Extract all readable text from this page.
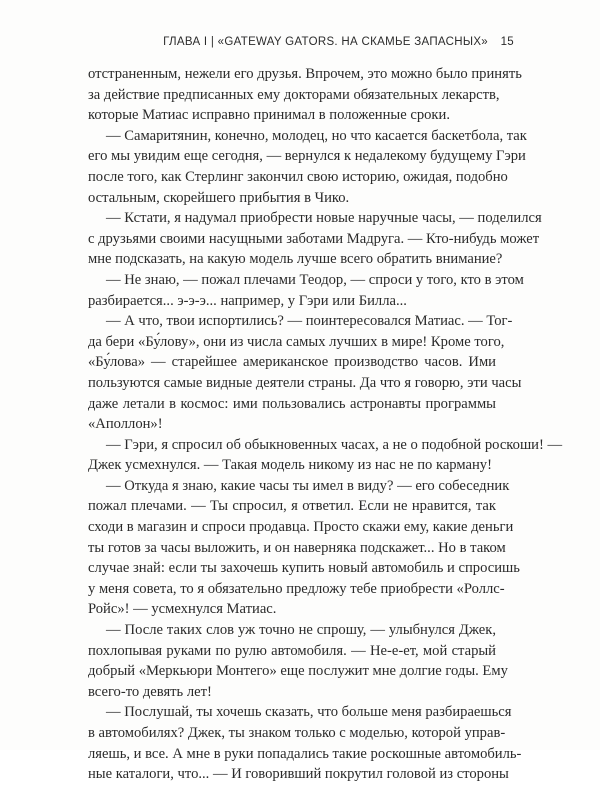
ГЛАВА I | «GATEWAY GATORS. НА СКАМЬЕ ЗАПАСНЫХ» 15
отстраненным, нежели его друзья. Впрочем, это можно было принять
за действие предписанных ему докторами обязательных лекарств,
которые Матиас исправно принимал в положенные сроки.
— Самаритянин, конечно, молодец, но что касается баскетбола, так
его мы увидим еще сегодня, — вернулся к недалекому будущему Гэри
после того, как Стерлинг закончил свою историю, ожидая, подобно
остальным, скорейшего прибытия в Чико.
— Кстати, я надумал приобрести новые наручные часы, — поделился
с друзьями своими насущными заботами Мадруга. — Кто-нибудь может
мне подсказать, на какую модель лучше всего обратить внимание?
— Не знаю, — пожал плечами Теодор, — спроси у того, кто в этом
разбирается... э-э-э... например, у Гэри или Билла...
— А что, твои испортились? — поинтересовался Матиас. — Тог-
да бери «Бу́лову», они из числа самых лучших в мире! Кроме того,
«Бу́лова» — старейшее американское производство часов. Ими
пользуются самые видные деятели страны. Да что я говорю, эти часы
даже летали в космос: ими пользовались астронавты программы
«Аполлон»!
— Гэри, я спросил об обыкновенных часах, а не о подобной роскоши! —
Джек усмехнулся. — Такая модель никому из нас не по карману!
— Откуда я знаю, какие часы ты имел в виду? — его собеседник
пожал плечами. — Ты спросил, я ответил. Если не нравится, так
сходи в магазин и спроси продавца. Просто скажи ему, какие деньги
ты готов за часы выложить, и он наверняка подскажет... Но в таком
случае знай: если ты захочешь купить новый автомобиль и спросишь
у меня совета, то я обязательно предложу тебе приобрести «Роллс-
Ройс»! — усмехнулся Матиас.
— После таких слов уж точно не спрошу, — улыбнулся Джек,
похлопывая руками по рулю автомобиля. — Не-е-ет, мой старый
добрый «Меркьюри Монтего» еще послужит мне долгие годы. Ему
всего-то девять лет!
— Послушай, ты хочешь сказать, что больше меня разбираешься
в автомобилях? Джек, ты знаком только с моделью, которой управ-
ляешь, и все. А мне в руки попадались такие роскошные автомобиль-
ные каталоги, что... — И говоривший покрутил головой из стороны
